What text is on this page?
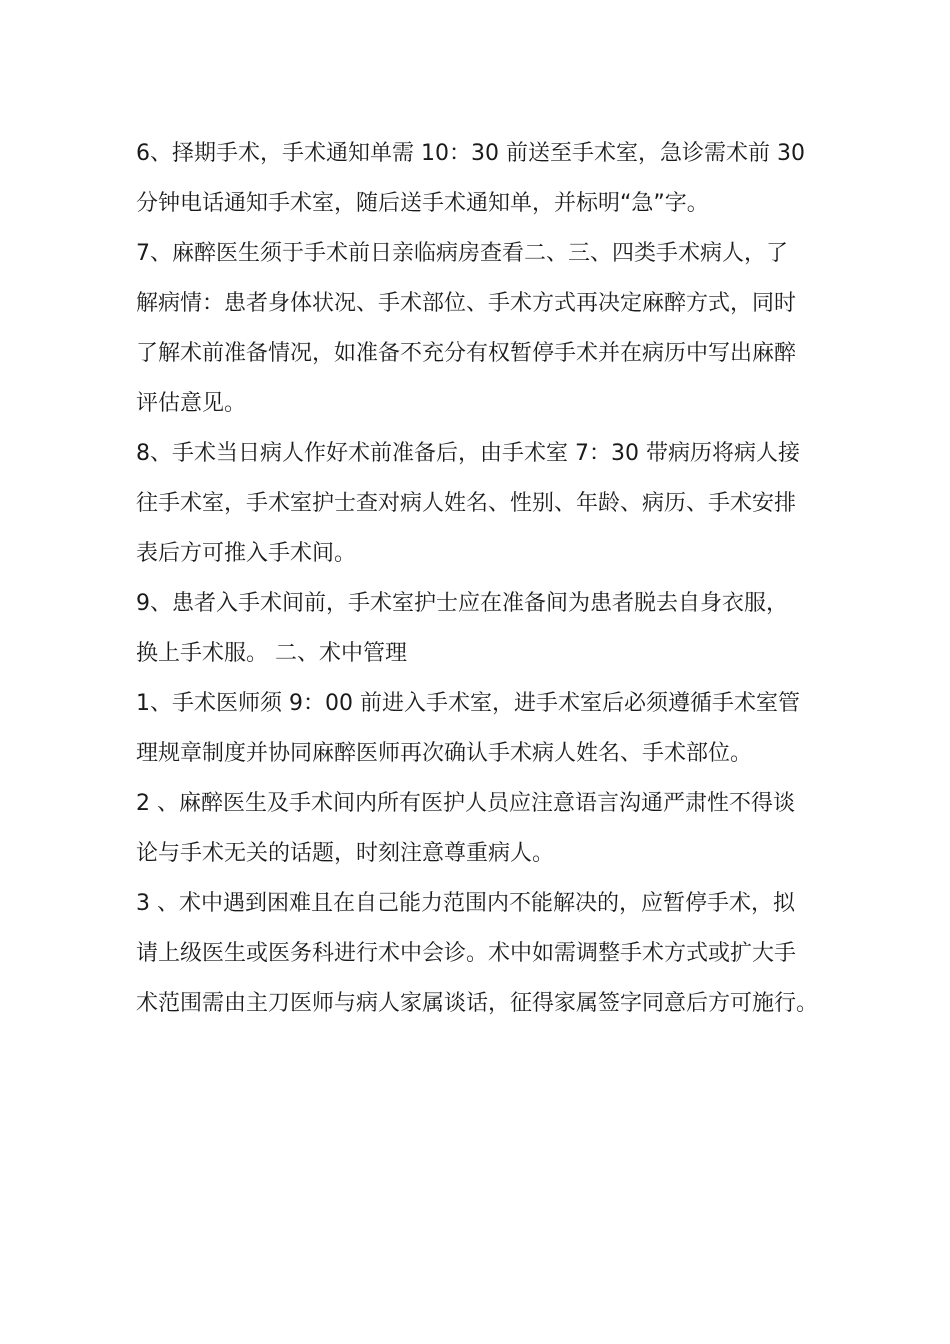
6、择期手术，手术通知单需 10：30 前送至手术室，急诊需术前 30
分钟电话通知手术室，随后送手术通知单，并标明“急”字。
7、麻醉医生须于手术前日亲临病房查看二、三、四类手术病人，了
解病情：患者身体状况、手术部位、手术方式再决定麻醉方式，同时
了解术前准备情况，如准备不充分有权暂停手术并在病历中写出麻醉
评估意见。
8、手术当日病人作好术前准备后，由手术室 7：30 带病历将病人接
往手术室，手术室护士查对病人姓名、性别、年龄、病历、手术安排
表后方可推入手术间。
9、患者入手术间前，手术室护士应在准备间为患者脱去自身衣服，
换上手术服。 二、术中管理
1、手术医师须 9：00 前进入手术室，进手术室后必须遵循手术室管
理规章制度并协同麻醉医师再次确认手术病人姓名、手术部位。
2 、麻醉医生及手术间内所有医护人员应注意语言沟通严肃性不得谈
论与手术无关的话题，时刻注意尊重病人。
3 、术中遇到困难且在自己能力范围内不能解决的，应暂停手术，拟
请上级医生或医务科进行术中会诊。术中如需调整手术方式或扩大手
术范围需由主刀医师与病人家属谈话，征得家属签字同意后方可施行。
